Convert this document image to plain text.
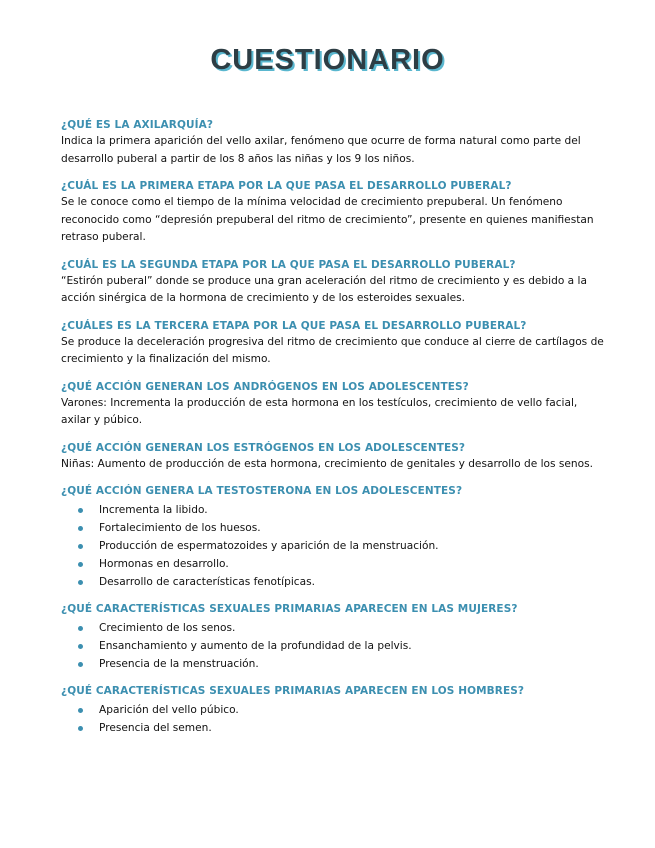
CUESTIONARIO

¿QUÉ ES LA AXILARQUÍA?

Indica la primera aparición del vello axilar, fenómeno que ocurre de forma natural como parte del desarrollo puberal a partir de los 8 años las niñas y los 9 los niños.

¿CUÁL ES LA PRIMERA ETAPA POR LA QUE PASA EL DESARROLLO PUBERAL?

Se le conoce como el tiempo de la mínima velocidad de crecimiento prepuberal. Un fenómeno reconocido como “depresión prepuberal del ritmo de crecimiento”, presente en quienes manifiestan retraso puberal.

¿CUÁL ES LA SEGUNDA ETAPA POR LA QUE PASA EL DESARROLLO PUBERAL?

“Estirón puberal” donde se produce una gran aceleración del ritmo de crecimiento y es debido a la acción sinérgica de la hormona de crecimiento y de los esteroides sexuales.

¿CUÁLES ES LA TERCERA ETAPA POR LA QUE PASA EL DESARROLLO PUBERAL?

Se produce la deceleración progresiva del ritmo de crecimiento que conduce al cierre de cartílagos de crecimiento y la finalización del mismo.

¿QUÉ ACCIÓN GENERAN LOS ANDRÓGENOS EN LOS ADOLESCENTES?

Varones: Incrementa la producción de esta hormona en los testículos, crecimiento de vello facial, axilar y púbico.

¿QUÉ ACCIÓN GENERAN LOS ESTRÓGENOS EN LOS ADOLESCENTES?

Niñas: Aumento de producción de esta hormona, crecimiento de genitales y desarrollo de los senos.

¿QUÉ ACCIÓN GENERA LA TESTOSTERONA EN LOS ADOLESCENTES?

Incrementa la libido.
Fortalecimiento de los huesos.
Producción de espermatozoides y aparición de la menstruación.
Hormonas en desarrollo.
Desarrollo de características fenotípicas.

¿QUÉ CARACTERÍSTICAS SEXUALES PRIMARIAS APARECEN EN LAS MUJERES?

Crecimiento de los senos.
Ensanchamiento y aumento de la profundidad de la pelvis.
Presencia de la menstruación.

¿QUÉ CARACTERÍSTICAS SEXUALES PRIMARIAS APARECEN EN LOS HOMBRES?

Aparición del vello púbico.
Presencia del semen.
